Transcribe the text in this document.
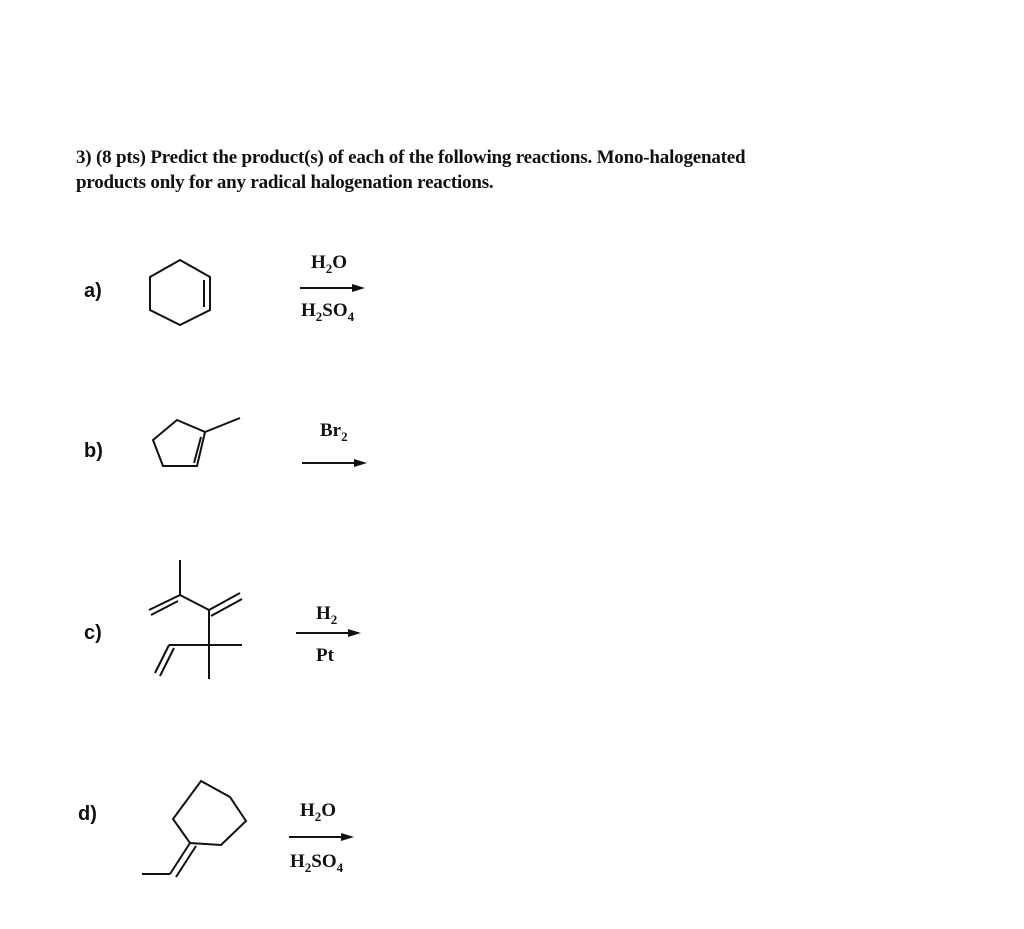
3) (8 pts) Predict the product(s) of each of the following reactions. Mono-halogenated
products only for any radical halogenation reactions.
a)
$H_2O$
$H_2SO_4$
b)
$Br_2$
c)
$H_2$
Pt
d)	$H_2O$
$H_2SO_4$
